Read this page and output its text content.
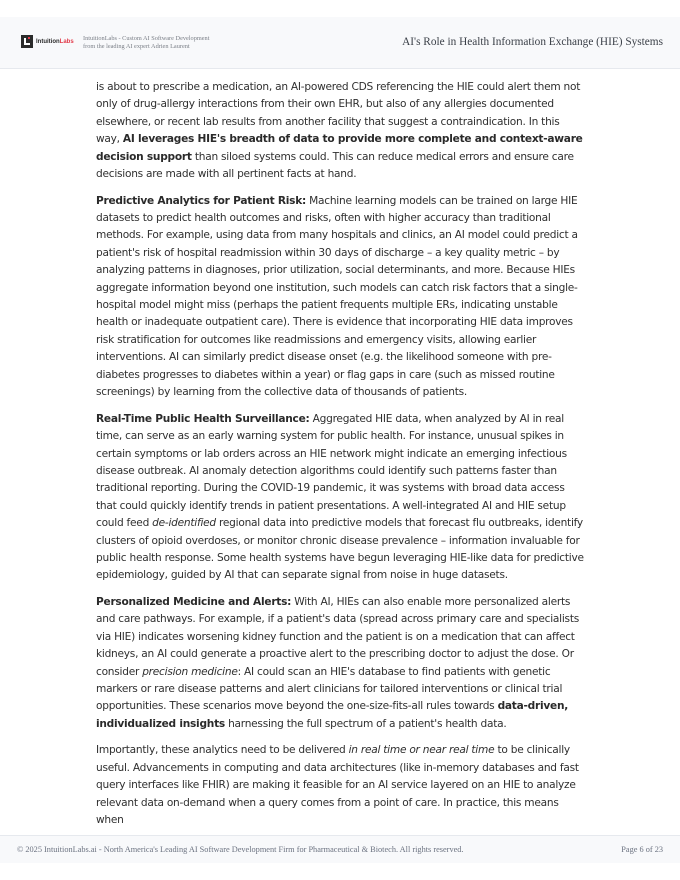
IntuitionLabs IntuitionLabs - Custom AI Software Development
from the leading AI expert Adrien Laurent	AI's Role in Health Information Exchange (HIE) Systems

is about to prescribe a medication, an AI-powered CDS referencing the HIE could alert them not only of drug-allergy interactions from their own EHR, but also of any allergies documented elsewhere, or recent lab results from another facility that suggest a contraindication. In this way, AI leverages HIE's breadth of data to provide more complete and context-aware decision support than siloed systems could. This can reduce medical errors and ensure care decisions are made with all pertinent facts at hand.

Predictive Analytics for Patient Risk: Machine learning models can be trained on large HIE datasets to predict health outcomes and risks, often with higher accuracy than traditional methods. For example, using data from many hospitals and clinics, an AI model could predict a patient's risk of hospital readmission within 30 days of discharge – a key quality metric – by analyzing patterns in diagnoses, prior utilization, social determinants, and more. Because HIEs aggregate information beyond one institution, such models can catch risk factors that a single-hospital model might miss (perhaps the patient frequents multiple ERs, indicating unstable health or inadequate outpatient care). There is evidence that incorporating HIE data improves risk stratification for outcomes like readmissions and emergency visits, allowing earlier interventions. AI can similarly predict disease onset (e.g. the likelihood someone with pre-diabetes progresses to diabetes within a year) or flag gaps in care (such as missed routine screenings) by learning from the collective data of thousands of patients.

Real-Time Public Health Surveillance: Aggregated HIE data, when analyzed by AI in real time, can serve as an early warning system for public health. For instance, unusual spikes in certain symptoms or lab orders across an HIE network might indicate an emerging infectious disease outbreak. AI anomaly detection algorithms could identify such patterns faster than traditional reporting. During the COVID-19 pandemic, it was systems with broad data access that could quickly identify trends in patient presentations. A well-integrated AI and HIE setup could feed de-identified regional data into predictive models that forecast flu outbreaks, identify clusters of opioid overdoses, or monitor chronic disease prevalence – information invaluable for public health response. Some health systems have begun leveraging HIE-like data for predictive epidemiology, guided by AI that can separate signal from noise in huge datasets.

Personalized Medicine and Alerts: With AI, HIEs can also enable more personalized alerts and care pathways. For example, if a patient's data (spread across primary care and specialists via HIE) indicates worsening kidney function and the patient is on a medication that can affect kidneys, an AI could generate a proactive alert to the prescribing doctor to adjust the dose. Or consider precision medicine: AI could scan an HIE's database to find patients with genetic markers or rare disease patterns and alert clinicians for tailored interventions or clinical trial opportunities. These scenarios move beyond the one-size-fits-all rules towards data-driven, individualized insights harnessing the full spectrum of a patient's health data.

Importantly, these analytics need to be delivered in real time or near real time to be clinically useful. Advancements in computing and data architectures (like in-memory databases and fast query interfaces like FHIR) are making it feasible for an AI service layered on an HIE to analyze relevant data on-demand when a query comes from a point of care. In practice, this means when

© 2025 IntuitionLabs.ai - North America's Leading AI Software Development Firm for Pharmaceutical & Biotech. All rights reserved.	Page 6 of 23
